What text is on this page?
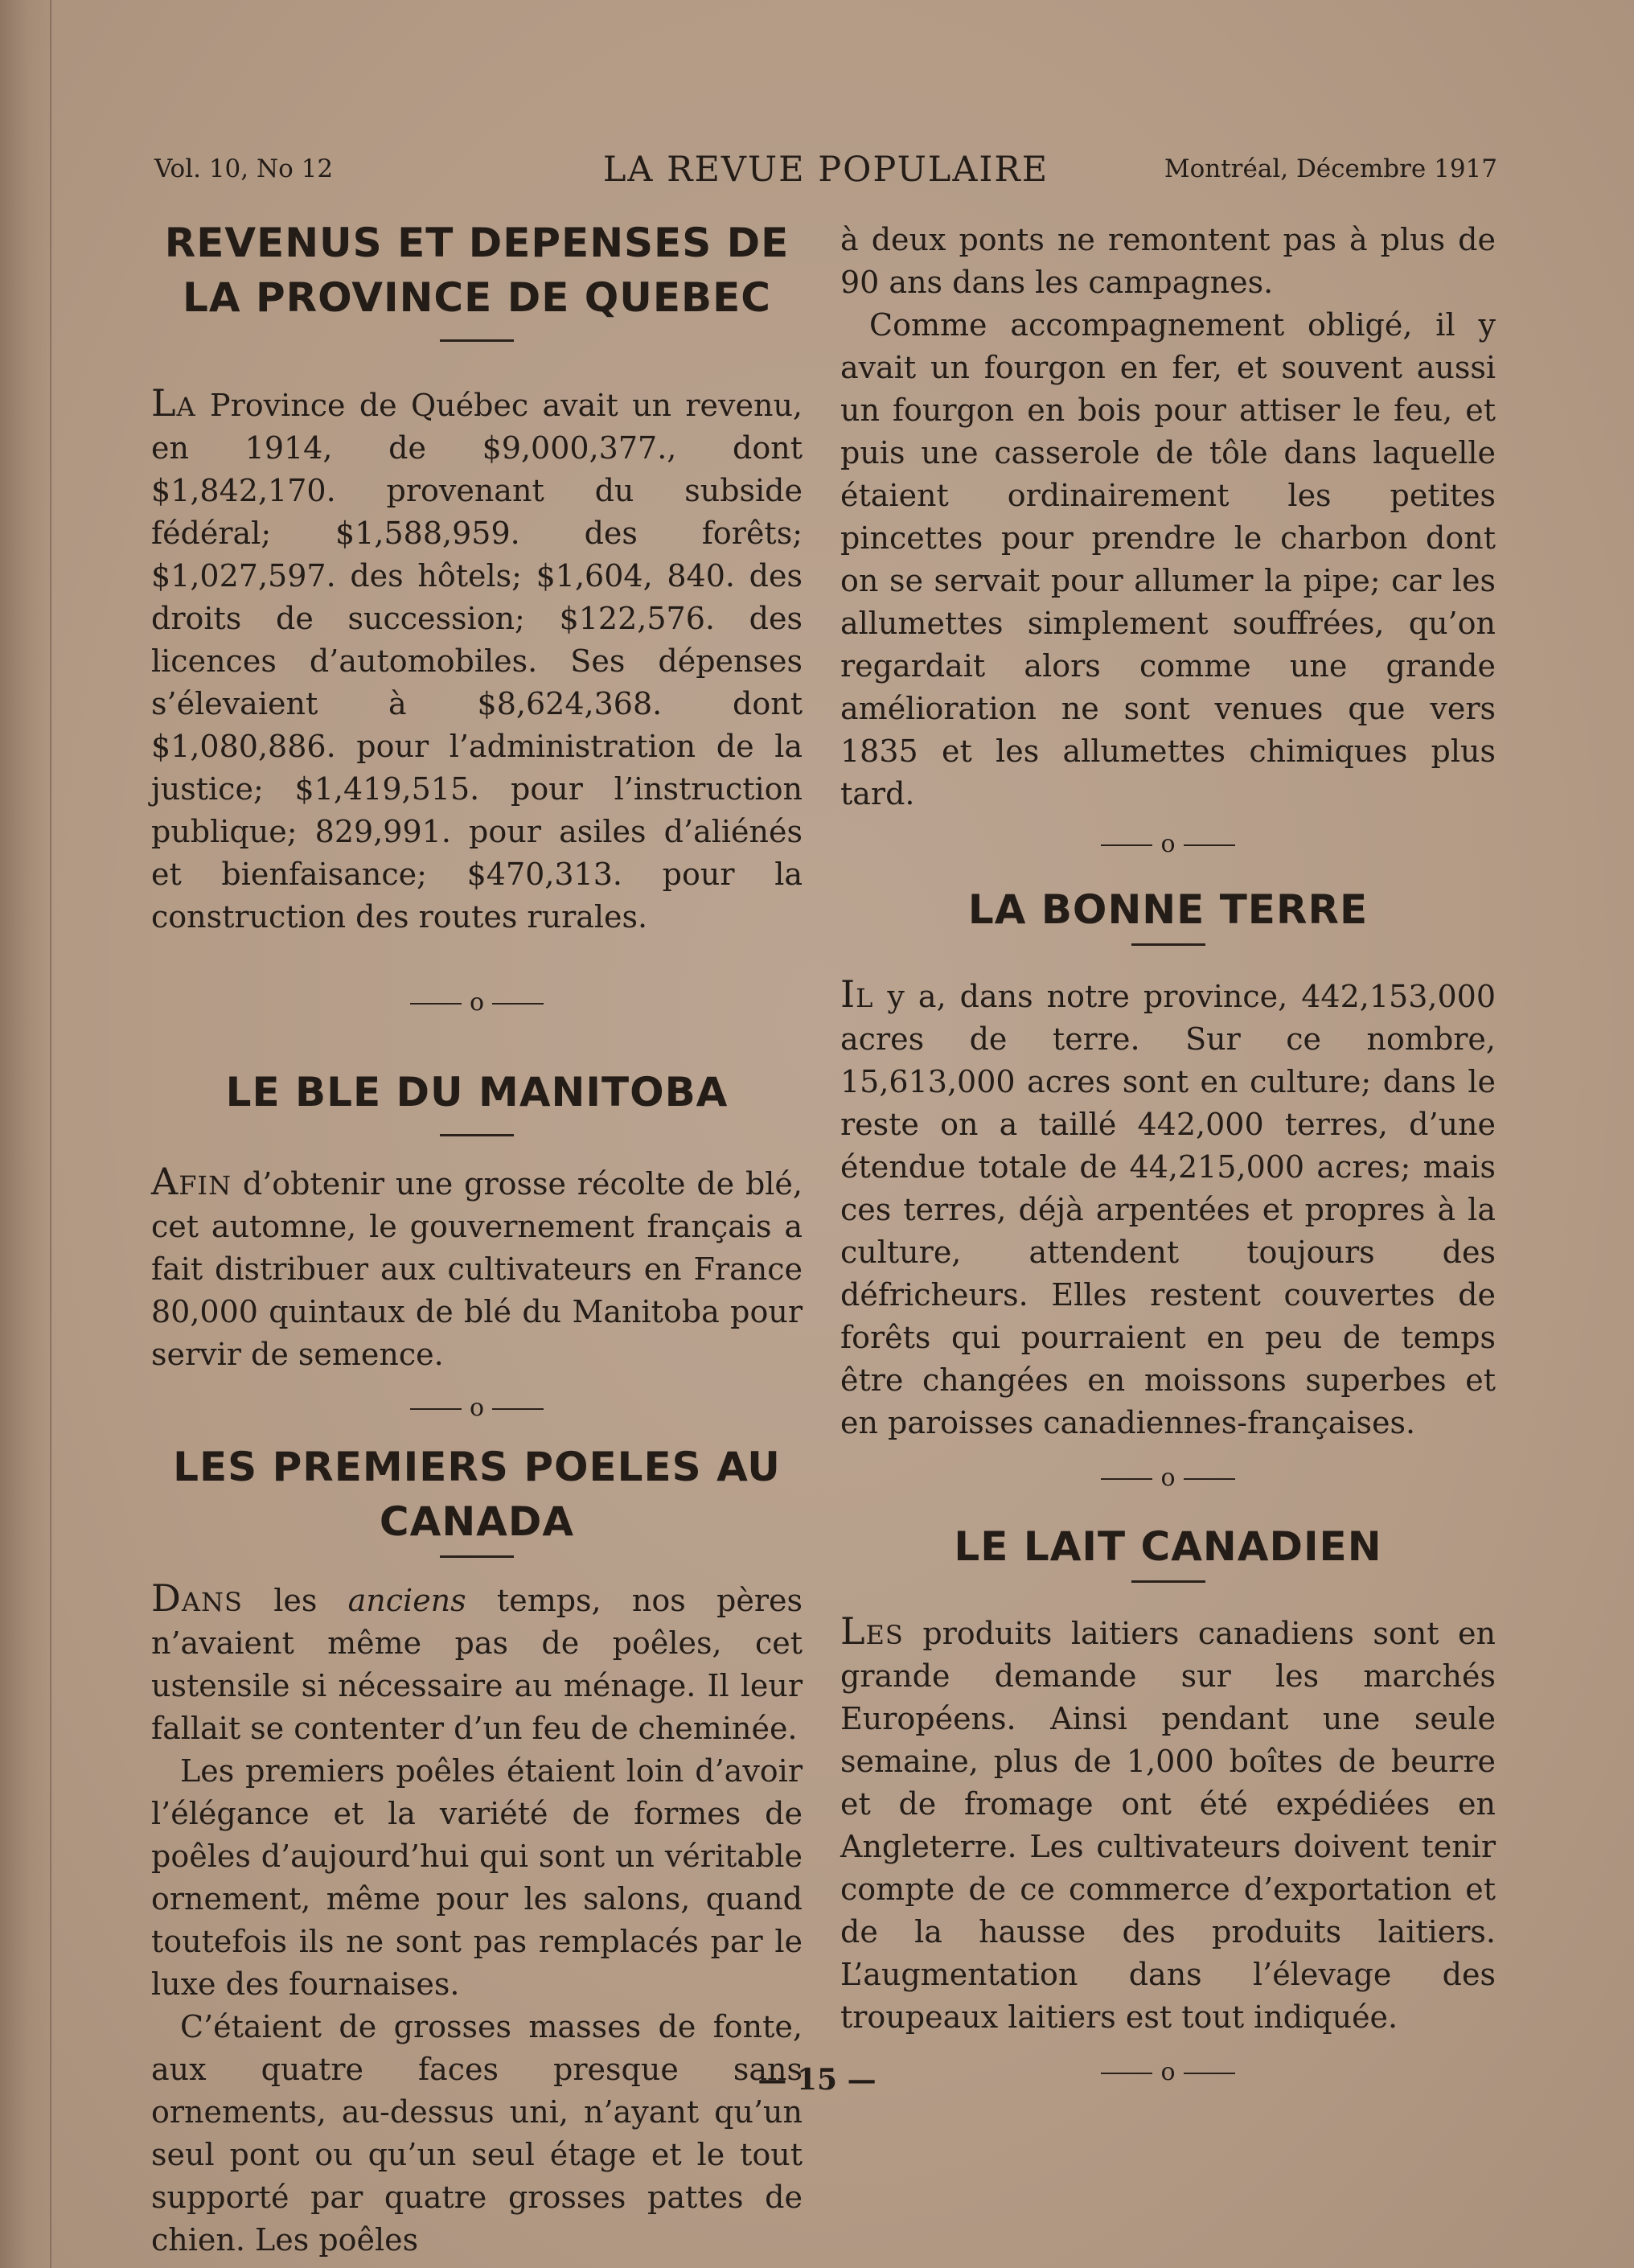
Vol. 10, No 12	LA REVUE POPULAIRE	Montréal, Décembre 1917
REVENUS ET DEPENSES DE LA PROVINCE DE QUEBEC

La Province de Québec avait un revenu, en 1914, de $9,000,377., dont $1,842,170. provenant du subside fédéral; $1,588,959. des forêts; $1,027,597. des hôtels; $1,604, 840. des droits de succession; $122,576. des licences d’automobiles. Ses dépenses s’élevaient à $8,624,368. dont $1,080,886. pour l’administration de la justice; $1,419,515. pour l’instruction publique; 829,991. pour asiles d’aliénés et bienfaisance; $470,313. pour la construction des routes rurales.

o
LE BLE DU MANITOBA

Afin d’obtenir une grosse récolte de blé, cet automne, le gouvernement français a fait distribuer aux cultivateurs en France 80,000 quintaux de blé du Manitoba pour servir de semence.

o
LES PREMIERS POELES AU CANADA

Dans les anciens temps, nos pères n’avaient même pas de poêles, cet ustensile si nécessaire au ménage. Il leur fallait se contenter d’un feu de cheminée.

Les premiers poêles étaient loin d’avoir l’élégance et la variété de formes de poêles d’aujourd’hui qui sont un véritable ornement, même pour les salons, quand toutefois ils ne sont pas remplacés par le luxe des fournaises.

C’étaient de grosses masses de fonte, aux quatre faces presque sans ornements, au-dessus uni, n’ayant qu’un seul pont ou qu’un seul étage et le tout supporté par quatre grosses pattes de chien. Les poêles

à deux ponts ne remontent pas à plus de 90 ans dans les campagnes.

Comme accompagnement obligé, il y avait un fourgon en fer, et souvent aussi un fourgon en bois pour attiser le feu, et puis une casserole de tôle dans laquelle étaient ordinairement les petites pincettes pour prendre le charbon dont on se servait pour allumer la pipe; car les allumettes simplement souffrées, qu’on regardait alors comme une grande amélioration ne sont venues que vers 1835 et les allumettes chimiques plus tard.

o
LA BONNE TERRE

Il y a, dans notre province, 442,153,000 acres de terre. Sur ce nombre, 15,613,000 acres sont en culture; dans le reste on a taillé 442,000 terres, d’une étendue totale de 44,215,000 acres; mais ces terres, déjà arpentées et propres à la culture, attendent toujours des défricheurs. Elles restent couvertes de forêts qui pourraient en peu de temps être changées en moissons superbes et en paroisses canadiennes-françaises.

o
LE LAIT CANADIEN

Les produits laitiers canadiens sont en grande demande sur les marchés Européens. Ainsi pendant une seule semaine, plus de 1,000 boîtes de beurre et de fromage ont été expédiées en Angleterre. Les cultivateurs doivent tenir compte de ce commerce d’exportation et de la hausse des produits laitiers. L’augmentation dans l’élevage des troupeaux laitiers est tout indiquée.

o
— 15 —
